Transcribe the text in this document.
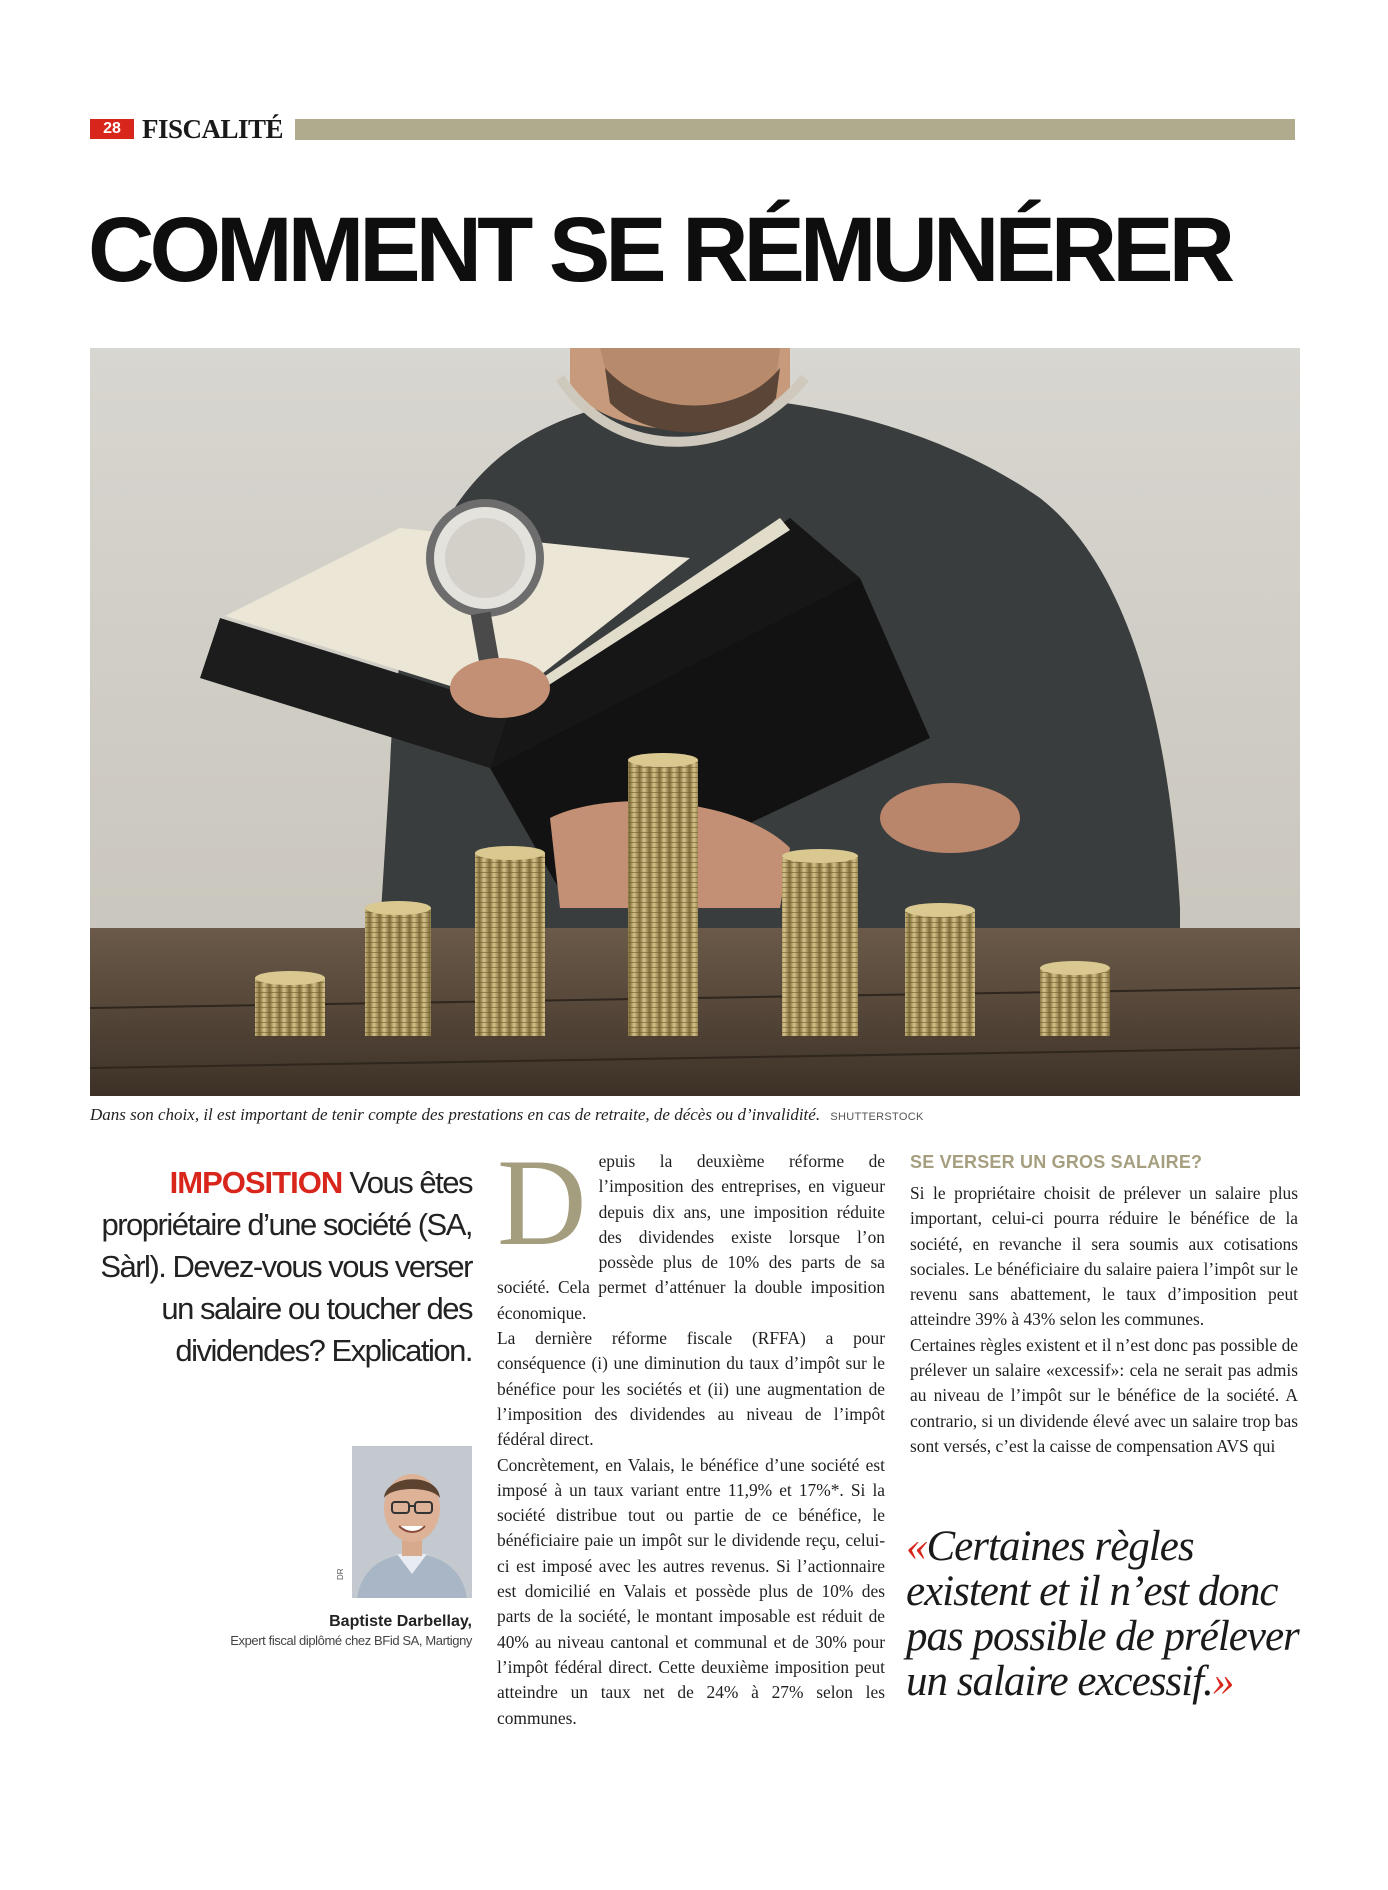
28 FISCALITÉ
COMMENT SE RÉMUNÉRER
Dans son choix, il est important de tenir compte des prestations en cas de retraite, de décès ou d’invalidité. SHUTTERSTOCK
IMPOSITION Vous êtes propriétaire d’une société (SA, Sàrl). Devez-vous vous verser un salaire ou toucher des dividendes? Explication.
DR
Baptiste Darbellay,
Expert fiscal diplômé chez BFid SA, Martigny

Depuis la deuxième réforme de l’imposition des entreprises, en vigueur depuis dix ans, une imposition réduite des dividendes existe lorsque l’on possède plus de 10% des parts de sa société. Cela permet d’atténuer la double imposition économique.

La dernière réforme fiscale (RFFA) a pour conséquence (i) une diminution du taux d’impôt sur le bénéfice pour les sociétés et (ii) une augmentation de l’imposition des dividendes au niveau de l’impôt fédéral direct.

Concrètement, en Valais, le bénéfice d’une société est imposé à un taux variant entre 11,9% et 17%*. Si la société distribue tout ou partie de ce bénéfice, le bénéficiaire paie un impôt sur le dividende reçu, celui-ci est imposé avec les autres revenus. Si l’actionnaire est domicilié en Valais et possède plus de 10% des parts de la société, le montant imposable est réduit de 40% au niveau cantonal et communal et de 30% pour l’impôt fédéral direct. Cette deuxième imposition peut atteindre un taux net de 24% à 27% selon les communes.

SE VERSER UN GROS SALAIRE?

Si le propriétaire choisit de prélever un salaire plus important, celui-ci pourra réduire le bénéfice de la société, en revanche il sera soumis aux cotisations sociales. Le bénéficiaire du salaire paiera l’impôt sur le revenu sans abattement, le taux d’imposition peut atteindre 39% à 43% selon les communes.

Certaines règles existent et il n’est donc pas possible de prélever un salaire «excessif»: cela ne serait pas admis au niveau de l’impôt sur le bénéfice de la société. A contrario, si un dividende élevé avec un salaire trop bas sont versés, c’est la caisse de compensation AVS qui

«Certaines règles existent et il n’est donc pas possible de prélever un salaire excessif.»
